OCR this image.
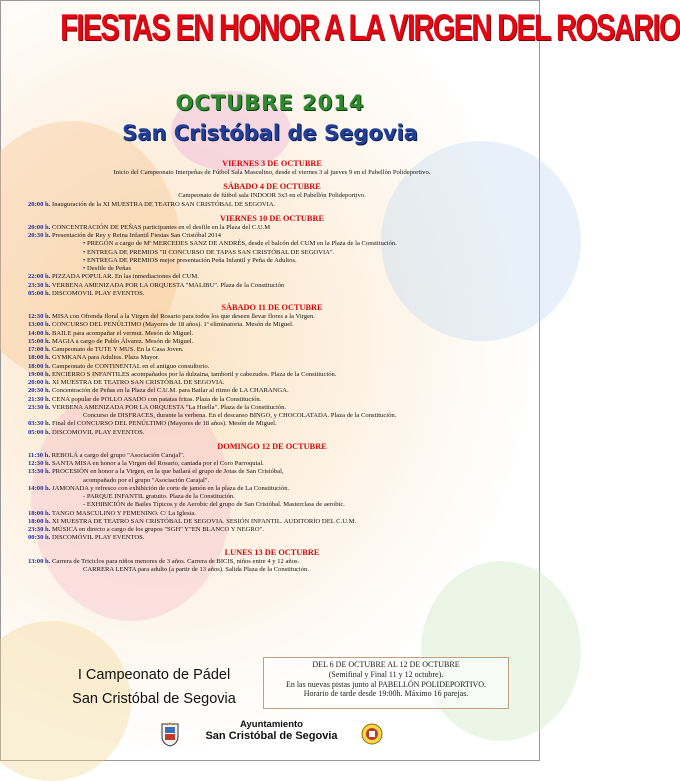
FIESTAS EN HONOR A LA VIRGEN DEL ROSARIO
OCTUBRE 2014
San Cristóbal de Segovia
VIERNES 3 DE OCTUBRE
Inicio del Campeonato Interpeñas de Fútbol Sala Masculino, desde el viernes 3 al jueves 9 en el Pabellón Polideportivo.
SÁBADO 4 DE OCTUBRE
Campeonato de fútbol sala INDOOR 3x3 en el Pabellón Polideportivo.
20:00 h. Inauguración de la XI MUESTRA DE TEATRO SAN CRISTÓBAL DE SEGOVIA.
VIERNES 10 DE OCTUBRE
20:00 h. CONCENTRACIÓN DE PEÑAS participantes en el desfile en la Plaza del C.U.M
20:30 h. Presentación de Rey y Reina Infantil Fiestas San Cristóbal 2014
• PREGÓN a cargo de Mª MERCEDES SANZ DE ANDRÉS, desde el balcón del CUM en la Plaza de la Constitución.
• ENTREGA DE PREMIOS "II CONCURSO DE TAPAS SAN CRISTÓBAL DE SEGOVIA".
• ENTREGA DE PREMIOS mejor presentación Peña Infantil y Peña de Adultos.
• Desfile de Peñas
22:00 h. PIZZADA POPULAR. En las inmediaciones del CUM.
23:30 h. VERBENA AMENIZADA POR LA ORQUESTA "MALIBU". Plaza de la Constitución
05:00 h. DISCOMOVIL PLAY EVENTOS.
SÁBADO 11 DE OCTUBRE
12:30 h. MISA con Ofrenda floral a la Virgen del Rosario para todos los que deseen llevar flores a la Virgen.
13:00 h. CONCURSO DEL PENÚLTIMO (Mayores de 18 años). 1ª eliminatoria. Mesón de Miguel.
14:00 h. BAILE para acompañar el vermut. Mesón de Miguel.
15:00 h. MAGIA a cargo de Pablo Álvarez. Mesón de Miguel.
17:00 h. Campeonato de TUTE Y MUS. En la Casa Joven.
18:00 h. GYMKANA para Adultos. Plaza Mayor.
18:00 h. Campeonato de CONTINENTAL en el antiguo consultorio.
19:00 h. ENCIERRO S INFANTILES acompañados por la dulzaina, tamboril y cabezudos. Plaza de la Constitución.
20:00 h. XI MUESTRA DE TEATRO SAN CRISTÓBAL DE SEGOVIA.
20:30 h. Concentración de Peñas en la Plaza del C.U.M. para Bailar al ritmo de LA CHARANGA.
21:30 h. CENA popular de POLLO ASADO con patatas fritas. Plaza de la Constitución.
23:30 h. VERBENA AMENIZADA POR LA ORQUESTA "La Huella". Plaza de la Constitución.
Concurso de DISFRACES, durante la verbena. En el descanso BINGO, y CHOCOLATADA. Plaza de la Constitución.
03:30 h. Final del CONCURSO DEL PENÚLTIMO (Mayores de 18 años). Mesón de Miguel.
05:00 h. DISCOMOVIL PLAY EVENTOS.
DOMINGO 12 DE OCTUBRE
11:30 h. REBOLÁ a cargo del grupo "Asociación Carajal".
12:30 h. SANTA MISA en honor a la Virgen del Rosario, cantada por el Coro Parroquial.
13:30 h. PROCESIÓN en honor a la Virgen, en la que bailará el grupo de Jotas de San Cristóbal,
acompañado por el grupo "Asociación Carajal".
14:00 h. JAMONADA y refresco con exhibición de corte de jamón en la plaza de La Constitución.
- PARQUE INFANTIL gratuito. Plaza de la Constitución.
- EXHIBICIÓN de Bailes Típicos y de Aerobic del grupo de San Cristóbal. Masterclass de aerobic.
18:00 h. TANGO MASCULINO Y FEMENINO. C/ La Iglesia.
18:00 h. XI MUESTRA DE TEATRO SAN CRISTÓBAL DE SEGOVIA. SESIÓN INFANTIL. AUDITORIO DEL C.U.M.
23:30 h. MÚSICA en directo a cargo de los grupos "SGH" Y"EN BLANCO Y NEGRO".
00:30 h. DISCOMÓVIL PLAY EVENTOS.
LUNES 13 DE OCTUBRE
13:00 h. Carrera de Triciclos para niños menores de 3 años. Carrera de BICIS, niños entre 4 y 12 años.
CARRERA LENTA para adulto (a partir de 13 años). Salida Plaza de la Constitución.
I Campeonato de Pádel
San Cristóbal de Segovia
DEL 6 DE OCTUBRE AL 12 DE OCTUBRE
(Semifinal y Final 11 y 12 octubre).
En las nuevas pistas junto al PABELLÓN POLIDEPORTIVO.
Horario de tarde desde 19:00h. Máximo 16 parejas.
Ayuntamiento
San Cristóbal de Segovia
